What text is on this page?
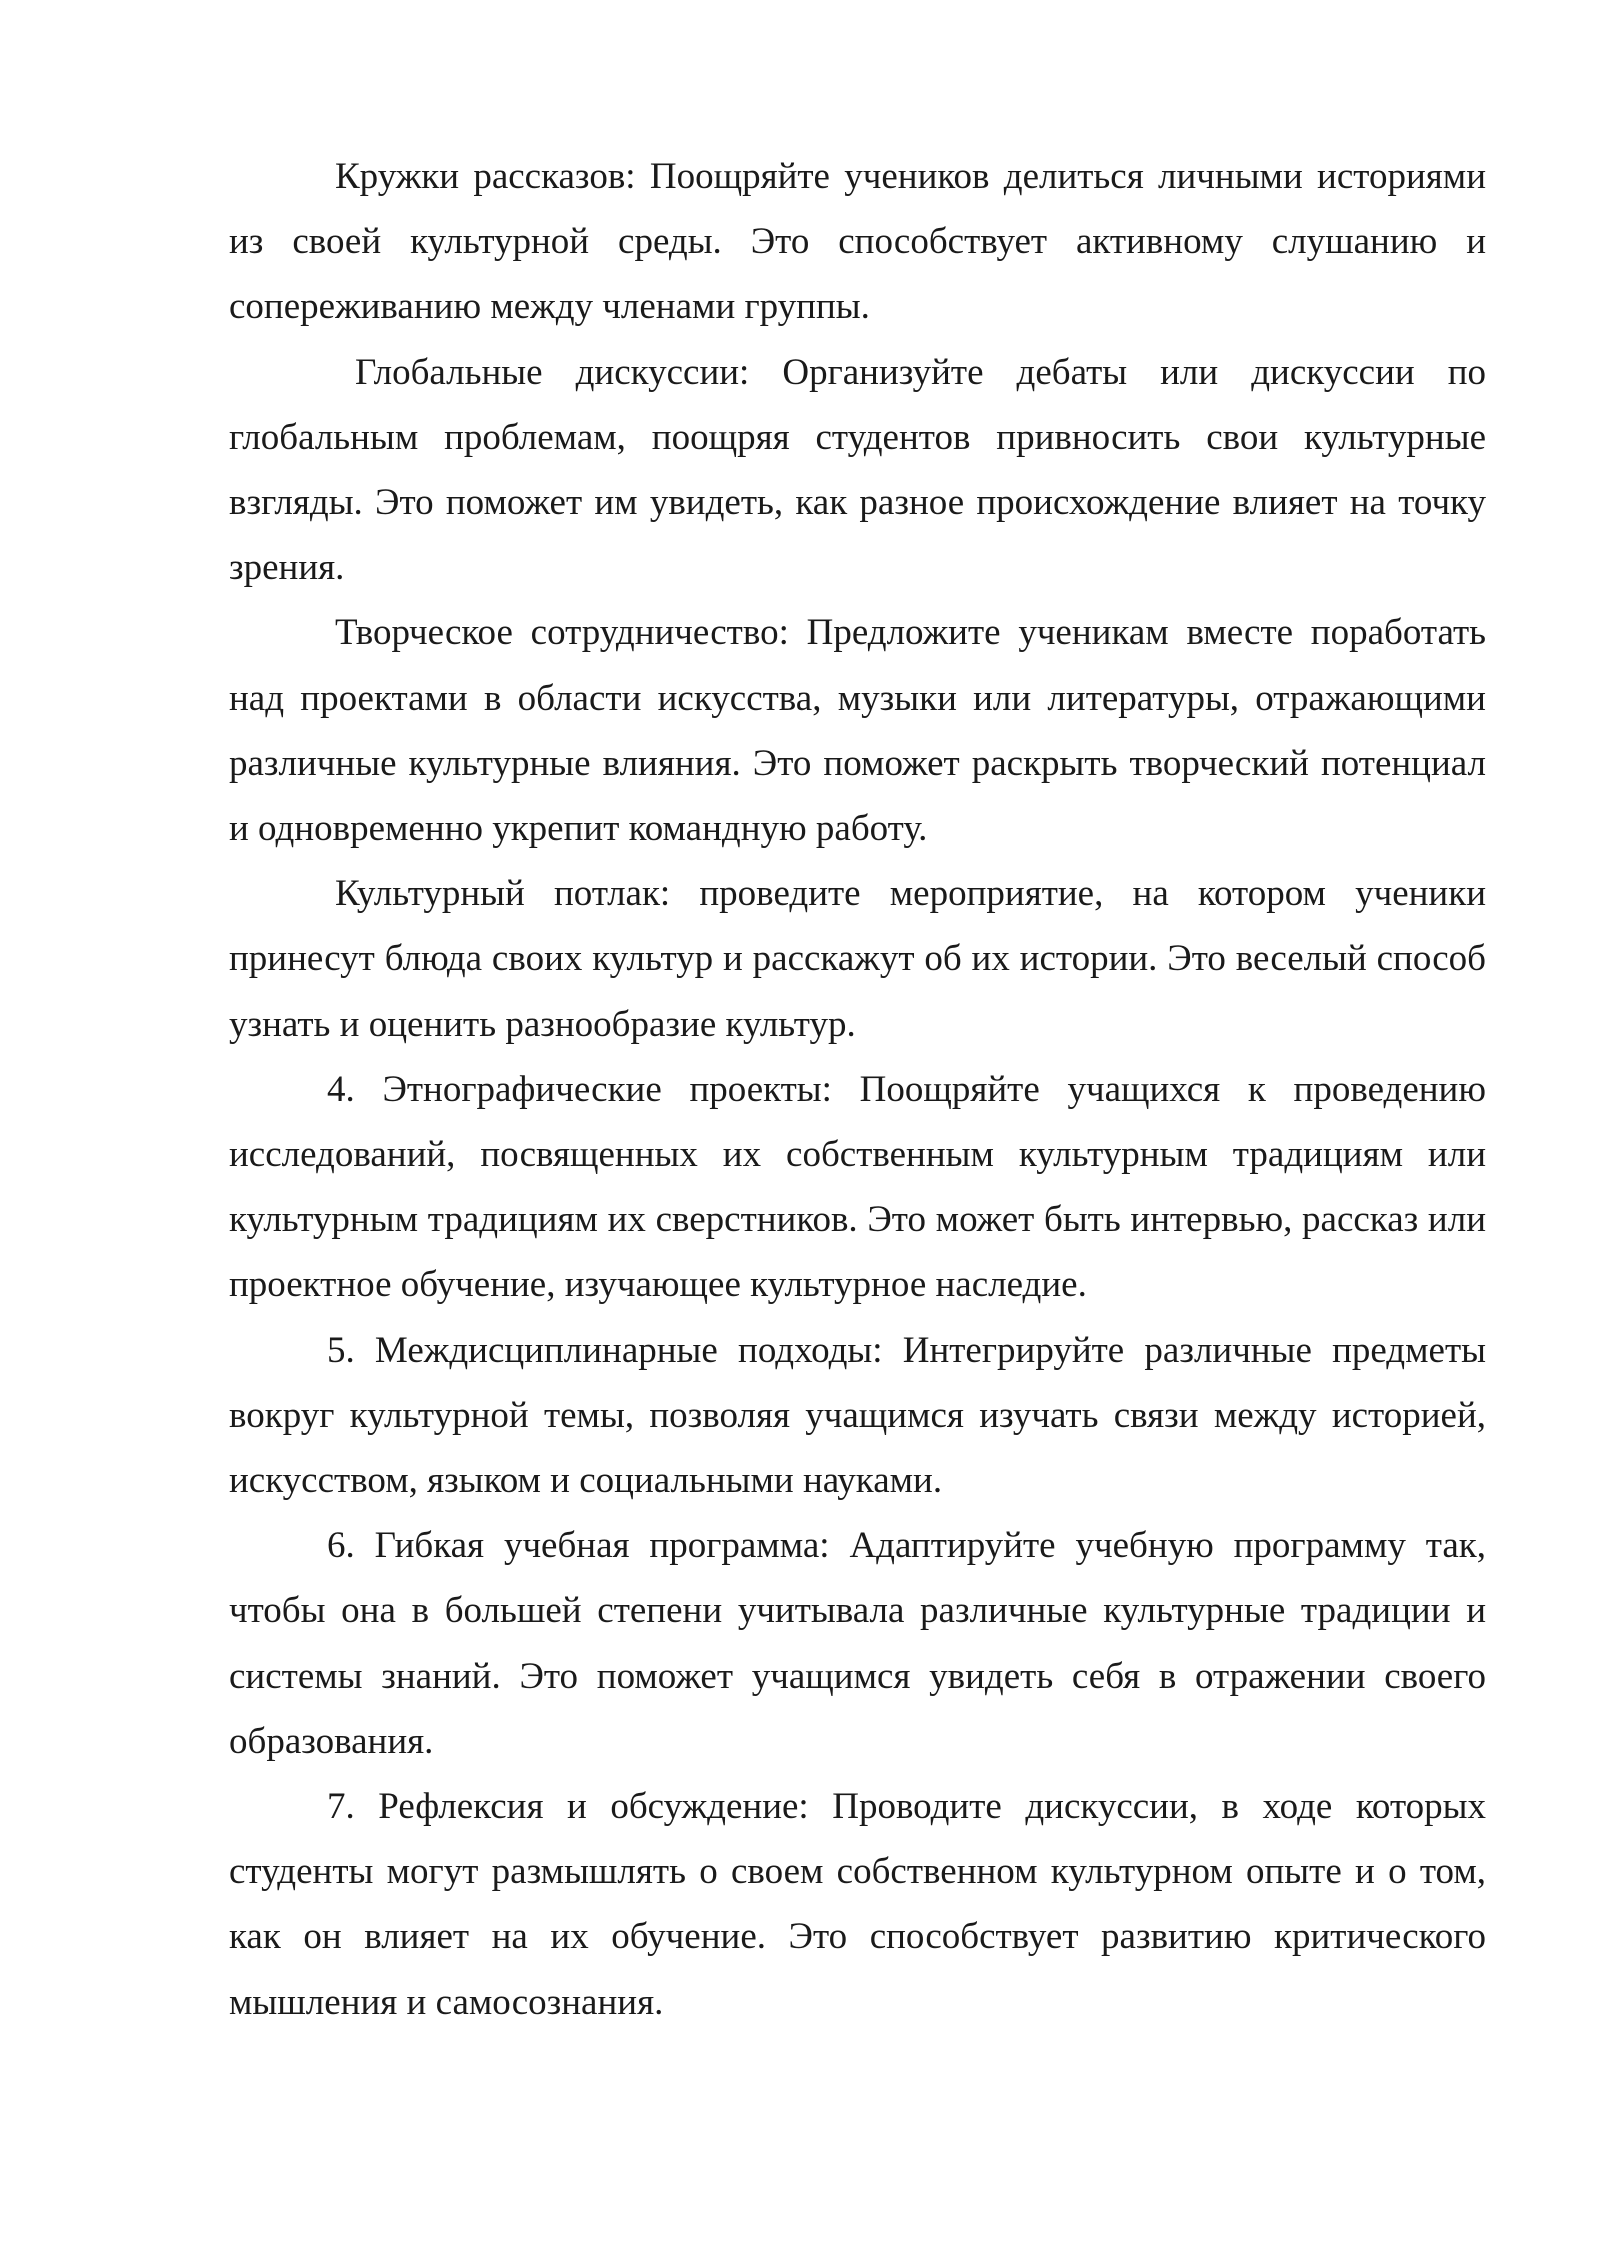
Кружки рассказов: Поощряйте учеников делиться личными историями из своей культурной среды. Это способствует активному слушанию и сопереживанию между членами группы.

Глобальные дискуссии: Организуйте дебаты или дискуссии по глобальным проблемам, поощряя студентов привносить свои культурные взгляды. Это поможет им увидеть, как разное происхождение влияет на точку зрения.

Творческое сотрудничество: Предложите ученикам вместе поработать над проектами в области искусства, музыки или литературы, отражающими различные культурные влияния. Это поможет раскрыть творческий потенциал и одновременно укрепит командную работу.

Культурный потлак: проведите мероприятие, на котором ученики принесут блюда своих культур и расскажут об их истории. Это веселый способ узнать и оценить разнообразие культур.

4. Этнографические проекты: Поощряйте учащихся к проведению исследований, посвященных их собственным культурным традициям или культурным традициям их сверстников. Это может быть интервью, рассказ или проектное обучение, изучающее культурное наследие.

5. Междисциплинарные подходы: Интегрируйте различные предметы вокруг культурной темы, позволяя учащимся изучать связи между историей, искусством, языком и социальными науками.

6. Гибкая учебная программа: Адаптируйте учебную программу так, чтобы она в большей степени учитывала различные культурные традиции и системы знаний. Это поможет учащимся увидеть себя в отражении своего образования.

7. Рефлексия и обсуждение: Проводите дискуссии, в ходе которых студенты могут размышлять о своем собственном культурном опыте и о том, как он влияет на их обучение. Это способствует развитию критического мышления и самосознания.
